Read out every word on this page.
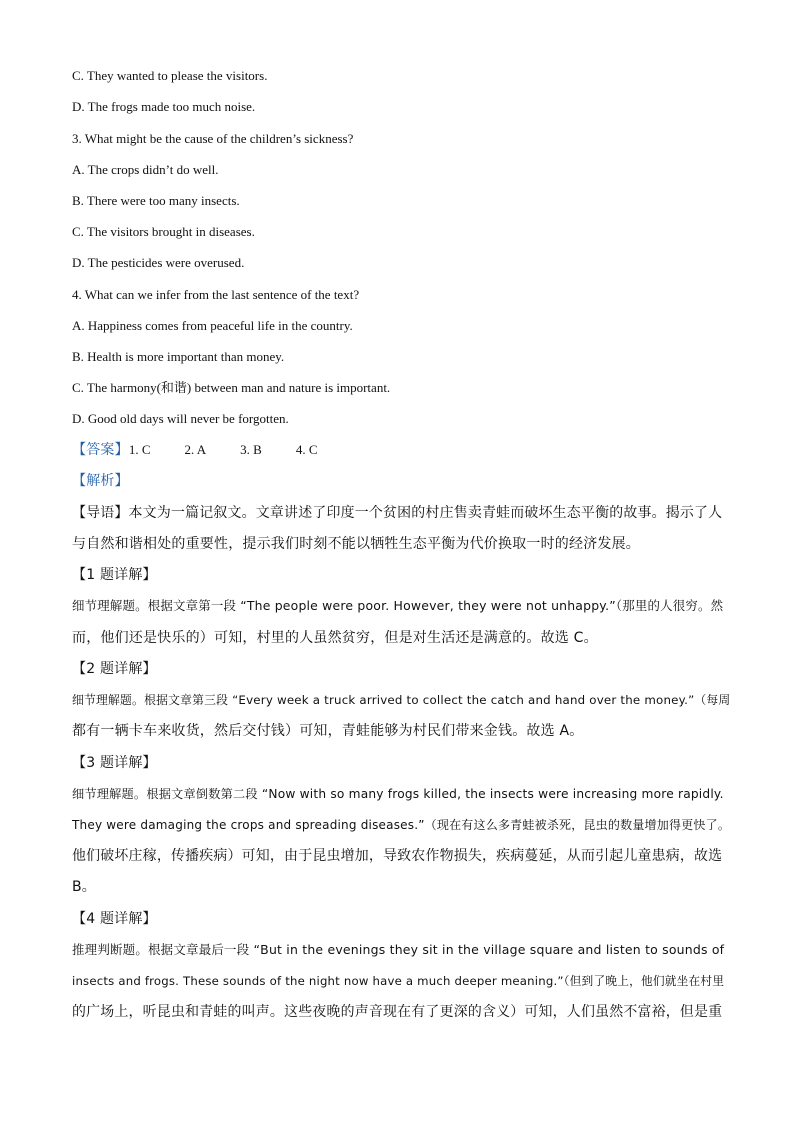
C. They wanted to please the visitors.
D. The frogs made too much noise.
3. What might be the cause of the children’s sickness?
A. The crops didn’t do well.
B. There were too many insects.
C. The visitors brought in diseases.
D. The pesticides were overused.
4. What can we infer from the last sentence of the text?
A. Happiness comes from peaceful life in the country.
B. Health is more important than money.
C. The harmony(和谐) between man and nature is important.
D. Good old days will never be forgotten.
【答案】1. C	2. A	3. B	4. C
【解析】
【导语】本文为一篇记叙文。文章讲述了印度一个贫困的村庄售卖青蛙而破坏生态平衡的故事。揭示了人
与自然和谐相处的重要性，提示我们时刻不能以牺牲生态平衡为代价换取一时的经济发展。
【1 题详解】
细节理解题。根据文章第一段 “The people were poor. However, they were not unhappy.”（那里的人很穷。然
而，他们还是快乐的）可知，村里的人虽然贫穷，但是对生活还是满意的。故选 C。
【2 题详解】
细节理解题。根据文章第三段 “Every week a truck arrived to collect the catch and hand over the money.”（每周
都有一辆卡车来收货，然后交付钱）可知，青蛙能够为村民们带来金钱。故选 A。
【3 题详解】
细节理解题。根据文章倒数第二段 “Now with so many frogs killed, the insects were increasing more rapidly.
They were damaging the crops and spreading diseases.”（现在有这么多青蛙被杀死，昆虫的数量增加得更快了。
他们破坏庄稼，传播疾病）可知，由于昆虫增加，导致农作物损失，疾病蔓延，从而引起儿童患病，故选
B。
【4 题详解】
推理判断题。根据文章最后一段 “But in the evenings they sit in the village square and listen to sounds of
insects and frogs. These sounds of the night now have a much deeper meaning.”（但到了晚上，他们就坐在村里
的广场上，听昆虫和青蛙的叫声。这些夜晚的声音现在有了更深的含义）可知，人们虽然不富裕，但是重
